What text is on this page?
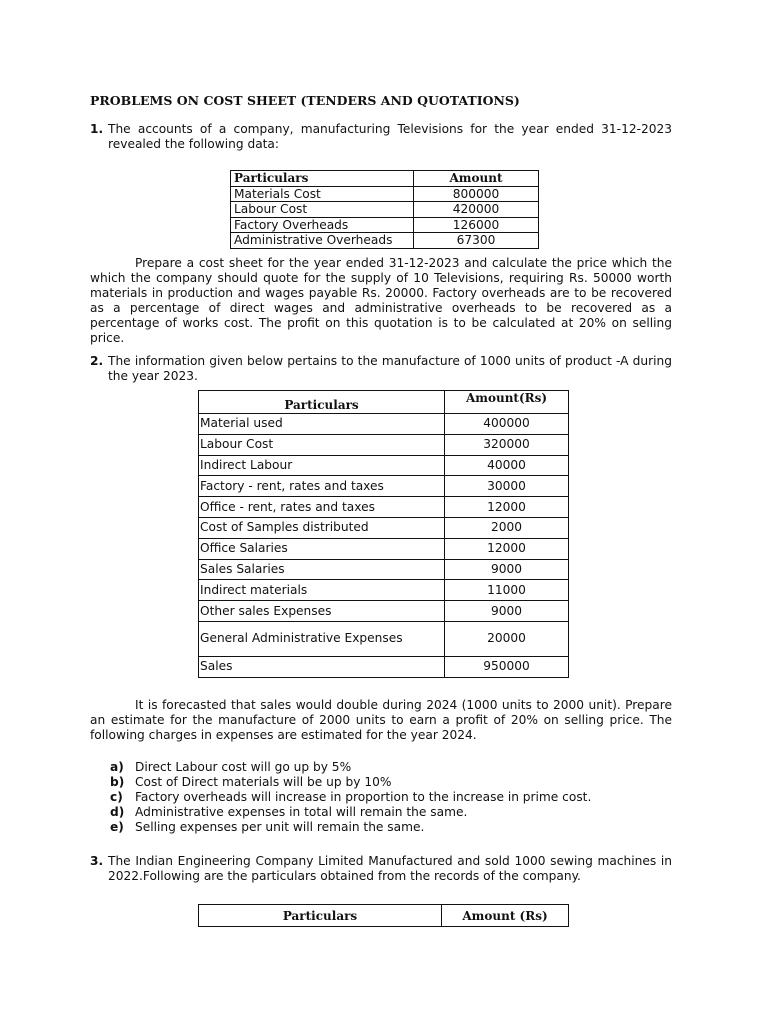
PROBLEMS ON COST SHEET (TENDERS AND QUOTATIONS)
1. The accounts of a company, manufacturing Televisions for the year ended 31-12-2023 revealed the following data:
Particulars	Amount
Materials Cost	800000
Labour Cost	420000
Factory Overheads	126000
Administrative Overheads	67300
Prepare a cost sheet for the year ended 31-12-2023 and calculate the price which the which the company should quote for the supply of 10 Televisions, requiring Rs. 50000 worth materials in production and wages payable Rs. 20000. Factory overheads are to be recovered as a percentage of direct wages and administrative overheads to be recovered as a percentage of works cost. The profit on this quotation is to be calculated at 20% on selling price.
2. The information given below pertains to the manufacture of 1000 units of product -A during the year 2023.
Particulars	Amount(Rs)
Material used	400000
Labour Cost	320000
Indirect Labour	40000
Factory - rent, rates and taxes	30000
Office - rent, rates and taxes	12000
Cost of Samples distributed	2000
Office Salaries	12000
Sales Salaries	9000
Indirect materials	11000
Other sales Expenses	9000
General Administrative Expenses	20000
Sales	950000
It is forecasted that sales would double during 2024 (1000 units to 2000 unit). Prepare an estimate for the manufacture of 2000 units to earn a profit of 20% on selling price. The following charges in expenses are estimated for the year 2024.
a) Direct Labour cost will go up by 5%
b) Cost of Direct materials will be up by 10%
c) Factory overheads will increase in proportion to the increase in prime cost.
d) Administrative expenses in total will remain the same.
e) Selling expenses per unit will remain the same.
3. The Indian Engineering Company Limited Manufactured and sold 1000 sewing machines in 2022.Following are the particulars obtained from the records of the company.
Particulars	Amount (Rs)
